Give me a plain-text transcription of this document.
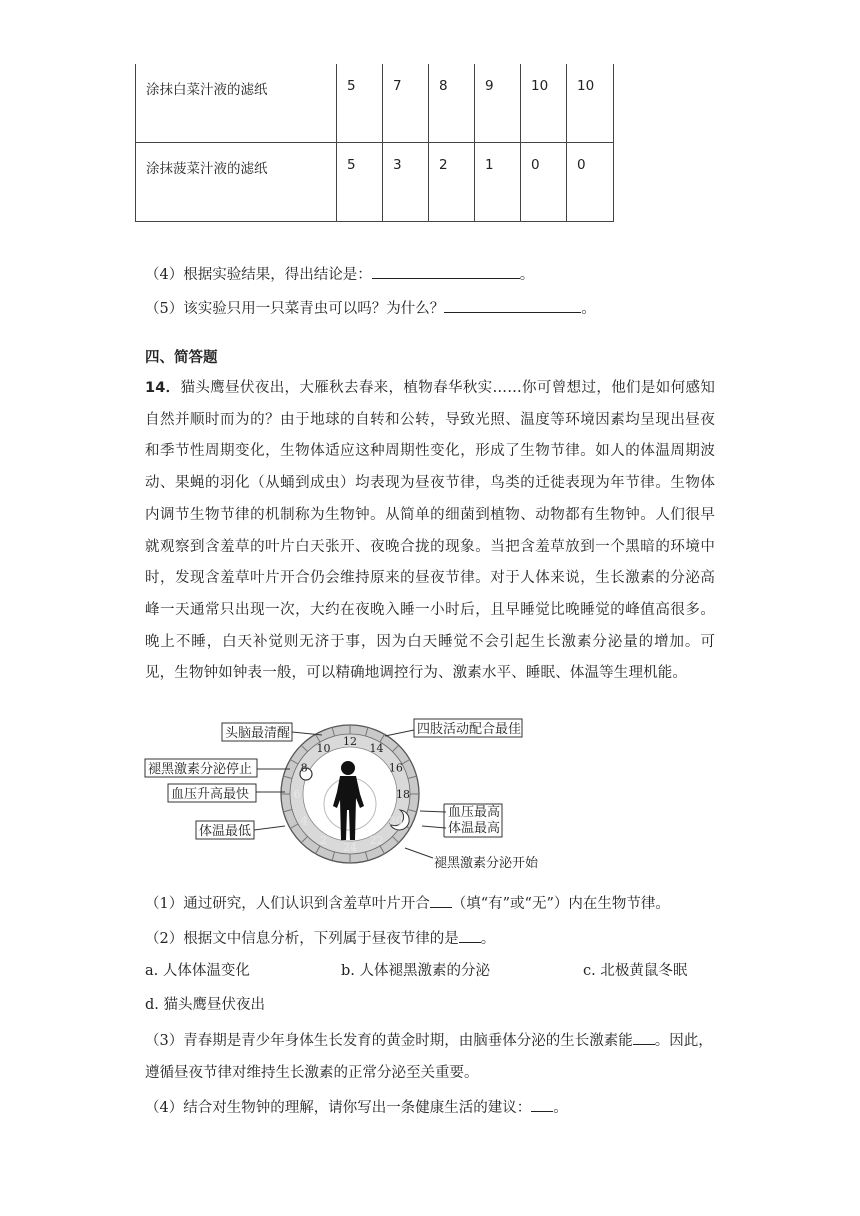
涂抹白菜汁液的滤纸	5	7	8	9	10	10
涂抹菠菜汁液的滤纸	5	3	2	1	0	0
（4）根据实验结果，得出结论是：	。
（5）该实验只用一只菜青虫可以吗？为什么？	。
四、简答题
14．猫头鹰昼伏夜出，大雁秋去春来，植物春华秋实……你可曾想过，他们是如何感知自然并顺时而为的？由于地球的自转和公转，导致光照、温度等环境因素均呈现出昼夜和季节性周期变化，生物体适应这种周期性变化，形成了生物节律。如人的体温周期波动、果蝇的羽化（从蛹到成虫）均表现为昼夜节律，鸟类的迁徙表现为年节律。生物体内调节生物节律的机制称为生物钟。从简单的细菌到植物、动物都有生物钟。人们很早就观察到含羞草的叶片白天张开、夜晚合拢的现象。当把含羞草放到一个黑暗的环境中时，发现含羞草叶片开合仍会维持原来的昼夜节律。对于人体来说，生长激素的分泌高峰一天通常只出现一次，大约在夜晚入睡一小时后，且早睡觉比晚睡觉的峰值高很多。晚上不睡，白天补觉则无济于事，因为白天睡觉不会引起生长激素分泌量的增加。可见，生物钟如钟表一般，可以精确地调控行为、激素水平、睡眠、体温等生理机能。
12
14
16
18
20
22
24
2
4
6
8
10
头脑最清醒	四肢活动配合最佳
褪黑激素分泌停止
血压升高最快
体温最低
血压最高
体温最高
褪黑激素分泌开始
（1）通过研究，人们认识到含羞草叶片开合 （填“有”或“无”）内在生物节律。
（2）根据文中信息分析，下列属于昼夜节律的是 。
a. 人体体温变化	b. 人体褪黑激素的分泌	c. 北极黄鼠冬眠
d. 猫头鹰昼伏夜出
（3）青春期是青少年身体生长发育的黄金时期，由脑垂体分泌的生长激素能 。因此，
遵循昼夜节律对维持生长激素的正常分泌至关重要。
（4）结合对生物钟的理解，请你写出一条健康生活的建议： 。
